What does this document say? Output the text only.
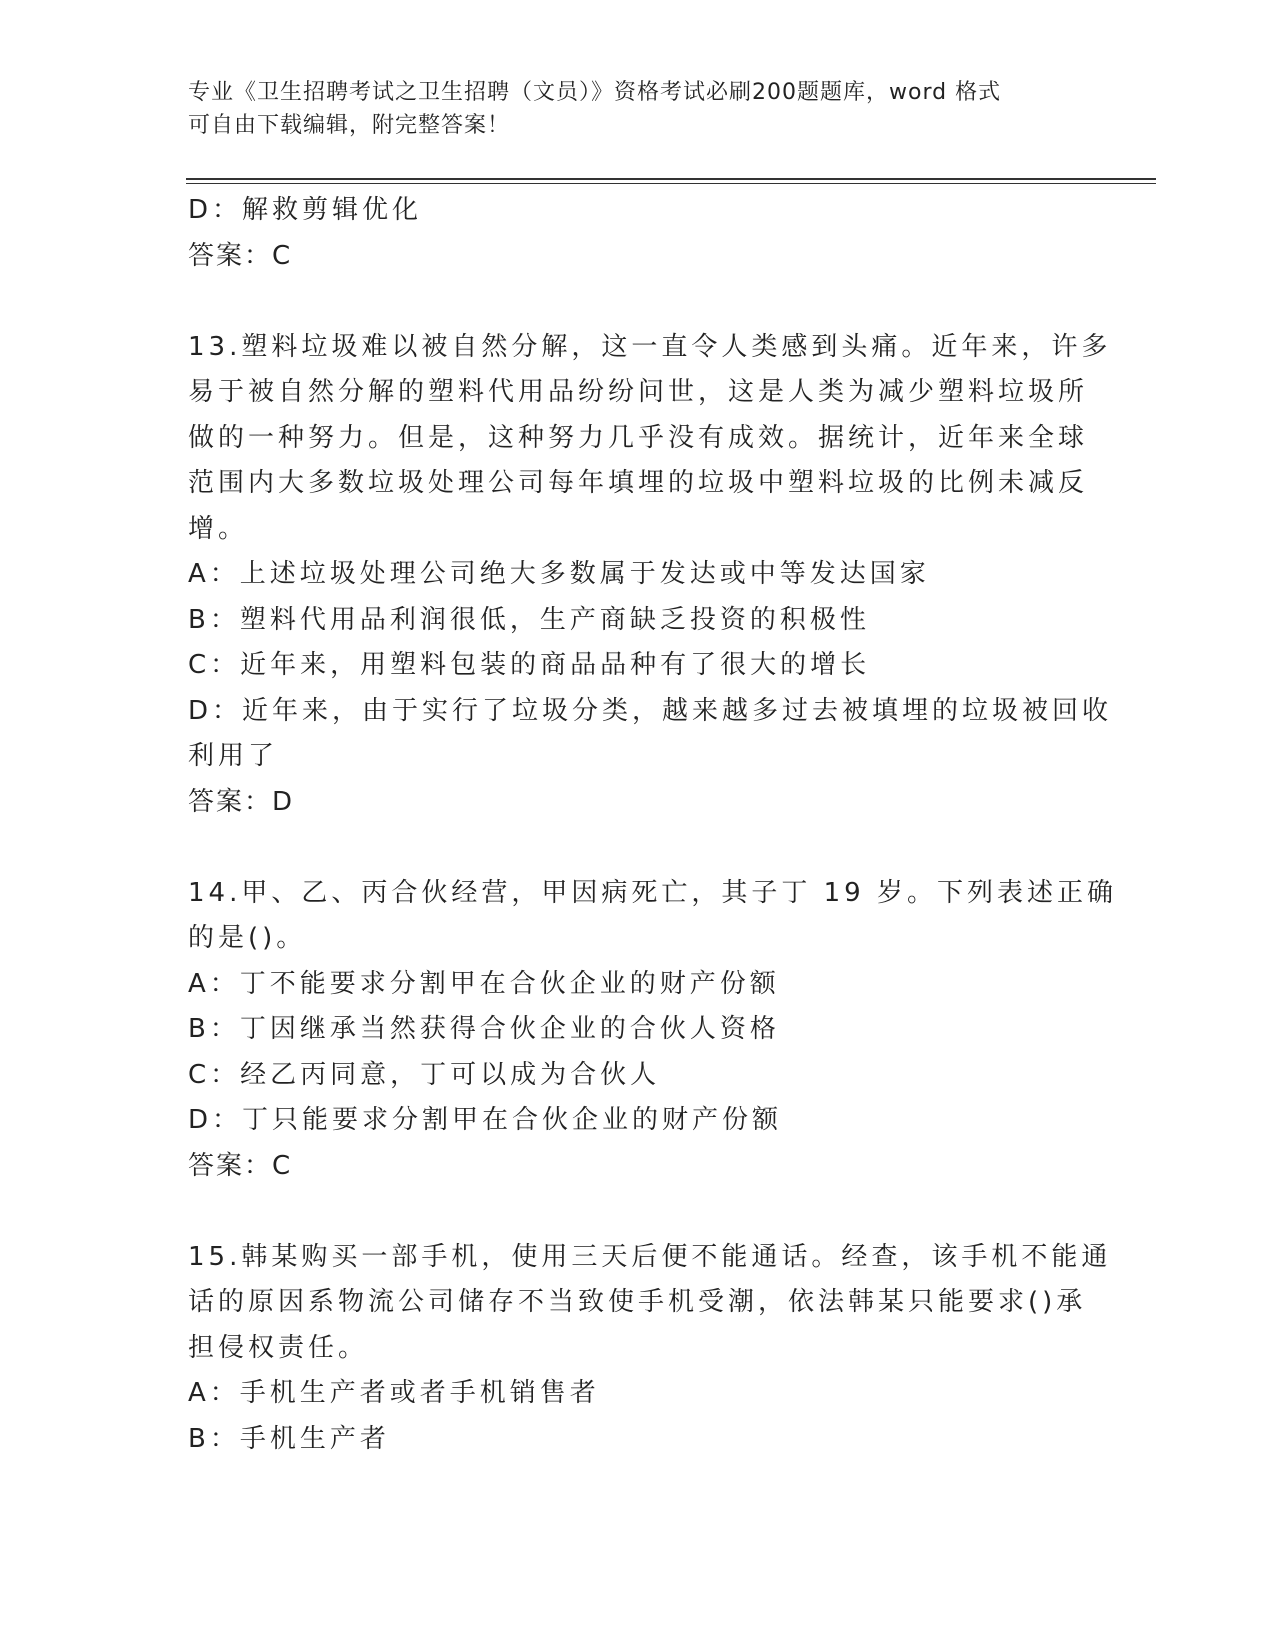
专业《卫生招聘考试之卫生招聘（文员）》资格考试必刷200题题库，word 格式
可自由下载编辑，附完整答案！
D：解救剪辑优化
答案：C
13.塑料垃圾难以被自然分解，这一直令人类感到头痛。近年来，许多
易于被自然分解的塑料代用品纷纷问世，这是人类为减少塑料垃圾所
做的一种努力。但是，这种努力几乎没有成效。据统计，近年来全球
范围内大多数垃圾处理公司每年填埋的垃圾中塑料垃圾的比例未减反
增。
A：上述垃圾处理公司绝大多数属于发达或中等发达国家
B：塑料代用品利润很低，生产商缺乏投资的积极性
C：近年来，用塑料包装的商品品种有了很大的增长
D：近年来，由于实行了垃圾分类，越来越多过去被填埋的垃圾被回收
利用了
答案：D
14.甲、乙、丙合伙经营，甲因病死亡，其子丁 19 岁。下列表述正确
的是()。
A：丁不能要求分割甲在合伙企业的财产份额
B：丁因继承当然获得合伙企业的合伙人资格
C：经乙丙同意，丁可以成为合伙人
D：丁只能要求分割甲在合伙企业的财产份额
答案：C
15.韩某购买一部手机，使用三天后便不能通话。经查，该手机不能通
话的原因系物流公司储存不当致使手机受潮，依法韩某只能要求()承
担侵权责任。
A：手机生产者或者手机销售者
B：手机生产者
